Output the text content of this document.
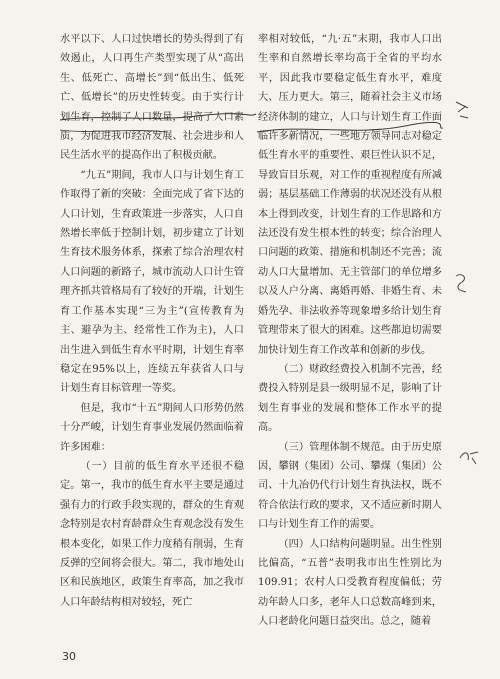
水平以下、人口过快增长的势头得到了有效遏止，人口再生产类型实现了从“高出生、低死亡、高增长”到“低出生、低死亡、低增长”的历史性转变。由于实行计划生育，控制了人口数量，提高了人口素质，为促进我市经济发展、社会进步和人民生活水平的提高作出了积极贡献。

“九五”期间，我市人口与计划生育工作取得了新的突破：全面完成了省下达的人口计划，生育政策进一步落实，人口自然增长率低于控制计划，初步建立了计划生育技术服务体系，探索了综合治理农村人口问题的新路子，城市流动人口计生管理齐抓共管格局有了较好的开端，计划生育工作基本实现“三为主”(宣传教育为主、避孕为主、经常性工作为主)，人口出生进入到低生育水平时期，计划生育率稳定在95%以上，连续五年获省人口与计划生育目标管理一等奖。

但是，我市“十五”期间人口形势仍然十分严峻，计划生育事业发展仍然面临着许多困难：

（一）目前的低生育水平还很不稳定。第一，我市的低生育水平主要是通过强有力的行政手段实现的，群众的生育观念特别是农村育龄群众生育观念没有发生根本变化，如果工作力度稍有削弱，生育反弹的空间将会很大。第二，我市地处山区和民族地区，政策生育率高，加之我市人口年龄结构相对较轻，死亡

率相对较低，“九·五”末期，我市人口出生率和自然增长率均高于全省的平均水平，因此我市要稳定低生育水平，难度大、压力更大。第三，随着社会主义市场经济体制的建立，人口与计划生育工作面临许多新情况，一些地方领导同志对稳定低生育水平的重要性、艰巨性认识不足，导致盲目乐观，对工作的重视程度有所减弱；基层基础工作薄弱的状况还没有从根本上得到改变，计划生育的工作思路和方法还没有发生根本性的转变；综合治理人口问题的政策、措施和机制还不完善；流动人口大量增加、无主管部门的单位增多以及人户分离、离婚再婚、非婚生育、未婚先孕、非法收养等现象增多给计划生育管理带来了很大的困难。这些都迫切需要加快计划生育工作改革和创新的步伐。

（二）财政经费投入机制不完善，经费投入特别是县一级明显不足，影响了计划生育事业的发展和整体工作水平的提高。

（三）管理体制不规范。由于历史原因，攀钢（集团）公司、攀煤（集团）公司、十九冶仍代行计划生育执法权，既不符合依法行政的要求，又不适应新时期人口与计划生育工作的需要。

（四）人口结构问题明显。出生性别比偏高，“五普”表明我市出生性别比为109.91；农村人口受教育程度偏低；劳动年龄人口多，老年人口总数高峰到来，人口老龄化问题日益突出。总之，随着

30
